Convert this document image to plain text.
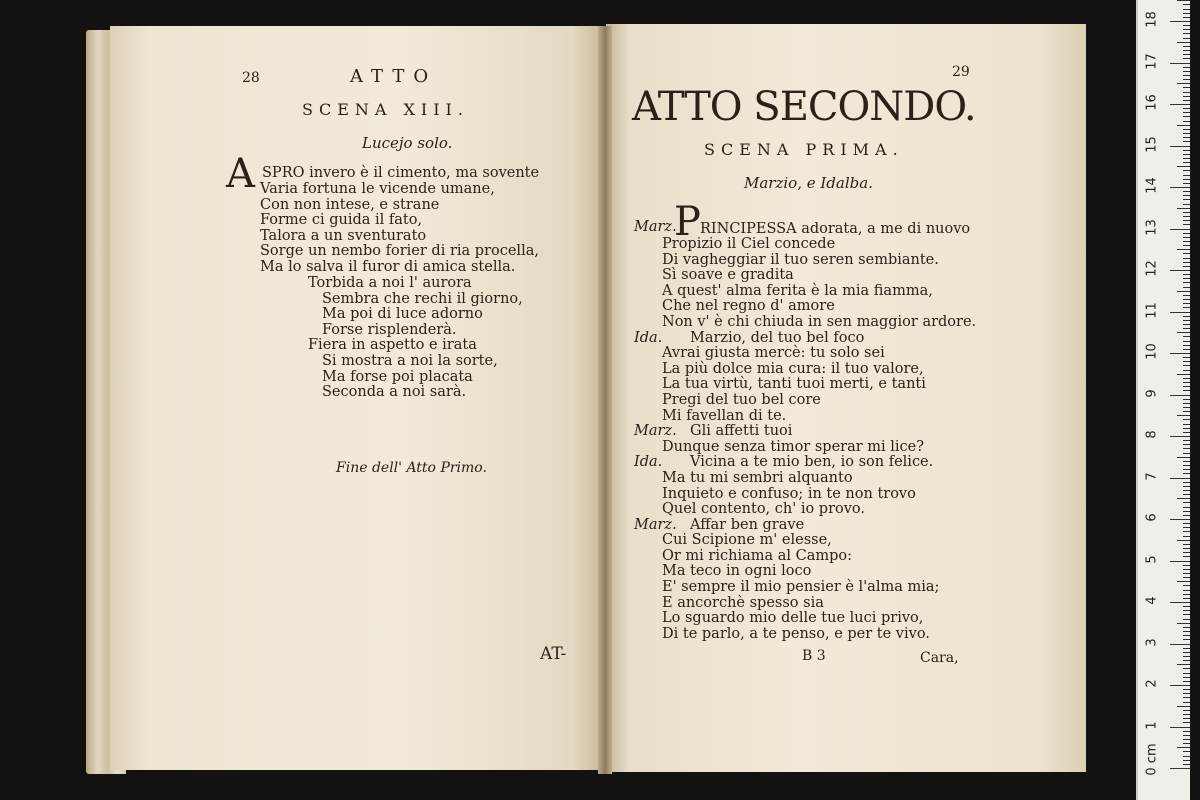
28	ATTO
SCENA XIII.
Lucejo solo.
A SPRO invero è il cimento, ma sovente
Varia fortuna le vicende umane,
Con non intese, e strane
Forme ci guida il fato,
Talora a un sventurato
Sorge un nembo forier di ria procella,
Ma lo salva il furor di amica stella.
Torbida a noi l' aurora
Sembra che rechi il giorno,
Ma poi di luce adorno
Forse risplenderà.
Fiera in aspetto e irata
Si mostra a noi la sorte,
Ma forse poi placata
Seconda a noi sarà.
Fine dell' Atto Primo.
AT-
29
ATTO SECONDO.
SCENA PRIMA.
Marzio, e Idalba.
Marz.
P RINCIPESSA adorata, a me di nuovo
Propizio il Ciel concede
Di vagheggiar il tuo seren sembiante.
Sì soave e gradita
A quest' alma ferita è la mia fiamma,
Che nel regno d' amore
Non v' è chi chiuda in sen maggior ardore.
Ida. Marzio, del tuo bel foco
Avrai giusta mercè: tu solo sei
La più dolce mia cura: il tuo valore,
La tua virtù, tanti tuoi merti, e tanti
Pregi del tuo bel core
Mi favellan di te.
Marz. Gli affetti tuoi
Dunque senza timor sperar mi lice?
Ida. Vicina a te mio ben, io son felice.
Ma tu mi sembri alquanto
Inquieto e confuso; in te non trovo
Quel contento, ch' io provo.
Marz. Affar ben grave
Cui Scipione m' elesse,
Or mi richiama al Campo:
Ma teco in ogni loco
E' sempre il mio pensier è l'alma mia;
E ancorchè spesso sia
Lo sguardo mio delle tue luci privo,
Di te parlo, a te penso, e per te vivo.
B 3	Cara,
0 cm
1
2
3
4
5
6
7
8
9
10
11
12
13
14
15
16
17
18
